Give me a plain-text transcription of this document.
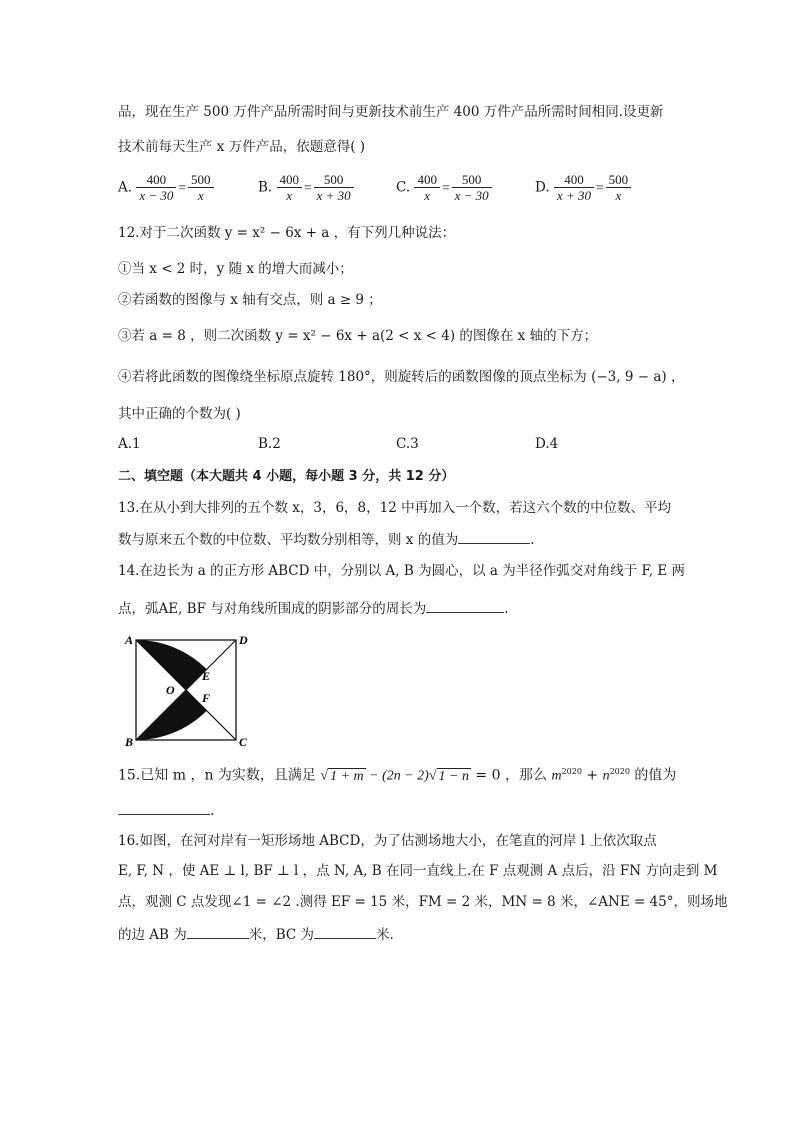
品，现在生产 500 万件产品所需时间与更新技术前生产 400 万件产品所需时间相同.设更新
技术前每天生产 x 万件产品，依题意得( )
A. $\frac{400}{x - 30} = \frac{500}{x}$	B. $\frac{400}{x} = \frac{500}{x + 30}$	C. $\frac{400}{x} = \frac{500}{x - 30}$	D. $\frac{400}{x + 30} = \frac{500}{x}$
12.对于二次函数 y = x² − 6x + a ，有下列几种说法：
①当 x < 2 时，y 随 x 的增大而减小；
②若函数的图像与 x 轴有交点，则 a ≥ 9 ；
③若 a = 8 ，则二次函数 y = x² − 6x + a(2 < x < 4) 的图像在 x 轴的下方；
④若将此函数的图像绕坐标原点旋转 180°，则旋转后的函数图像的顶点坐标为 (−3, 9 − a) ，
其中正确的个数为( )
A.1	B.2	C.3	D.4
二、填空题（本大题共 4 小题，每小题 3 分，共 12 分）
13.在从小到大排列的五个数 x，3，6，8，12 中再加入一个数，若这六个数的中位数、平均
数与原来五个数的中位数、平均数分别相等，则 x 的值为	.
14.在边长为 a 的正方形 ABCD 中，分别以 A, B 为圆心，以 a 为半径作弧交对角线于 F, E 两
点，弧AE, BF 与对角线所围成的阴影部分的周长为	.
A	D
B	C
O
E
F
15.已知 m ，n 为实数，且满足 √ 1 + m − (2n − 2)√ 1 − n = 0 ，那么 $m^{2020} + n^{2020}$ 的值为
.
16.如图，在河对岸有一矩形场地 ABCD，为了估测场地大小，在笔直的河岸 l 上依次取点
E, F, N ，使 AE ⊥ l, BF ⊥ l ，点 N, A, B 在同一直线上.在 F 点观测 A 点后，沿 FN 方向走到 M
点，观测 C 点发现∠1 = ∠2 .测得 EF = 15 米，FM = 2 米，MN = 8 米，∠ANE = 45°，则场地
的边 AB 为	米，BC 为	米.
